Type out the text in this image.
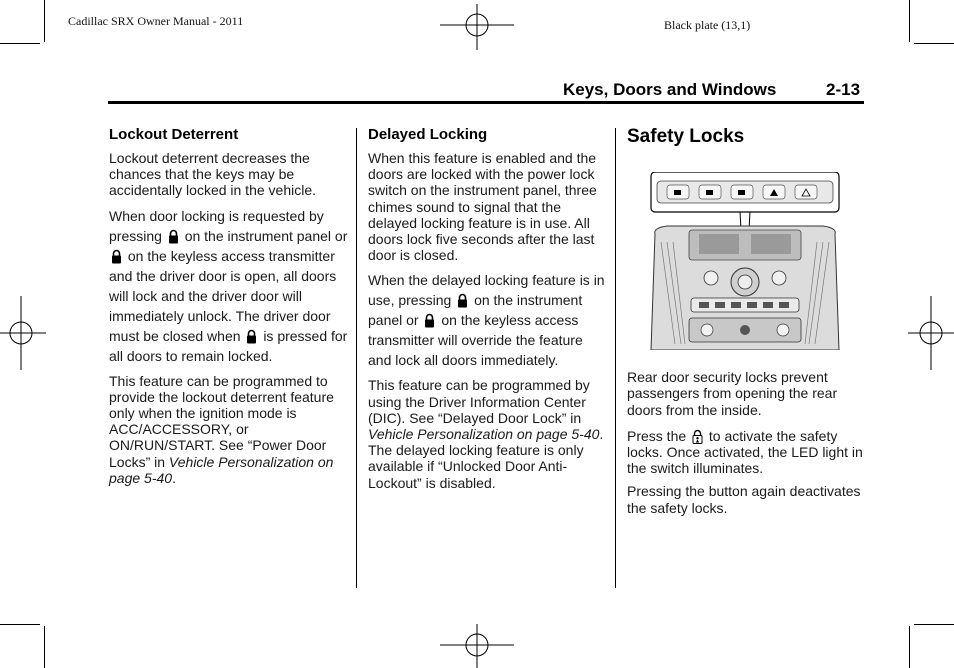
Cadillac SRX Owner Manual - 2011	Black plate (13,1)
Keys, Doors and Windows	2-13
Lockout Deterrent

Lockout deterrent decreases the chances that the keys may be accidentally locked in the vehicle.

When door locking is requested by pressing on the instrument panel or  on the keyless access transmitter and the driver door is open, all doors will lock and the driver door will immediately unlock. The driver door must be closed when is pressed for all doors to remain locked.

This feature can be programmed to provide the lockout deterrent feature only when the ignition mode is ACC/ACCESSORY, or ON/RUN/START. See “Power Door Locks” in Vehicle Personalization on page 5-40.

Delayed Locking

When this feature is enabled and the doors are locked with the power lock switch on the instrument panel, three chimes sound to signal that the delayed locking feature is in use. All doors lock five seconds after the last door is closed.

When the delayed locking feature is in use, pressing on the instrument panel or on the keyless access transmitter will override the feature and lock all doors immediately.

This feature can be programmed by using the Driver Information Center (DIC). See “Delayed Door Lock” in Vehicle Personalization on page 5-40. The delayed locking feature is only available if “Unlocked Door Anti-Lockout” is disabled.

Safety Locks

Rear door security locks prevent passengers from opening the rear doors from the inside.

Press the to activate the safety locks. Once activated, the LED light in the switch illuminates.

Pressing the button again deactivates the safety locks.
